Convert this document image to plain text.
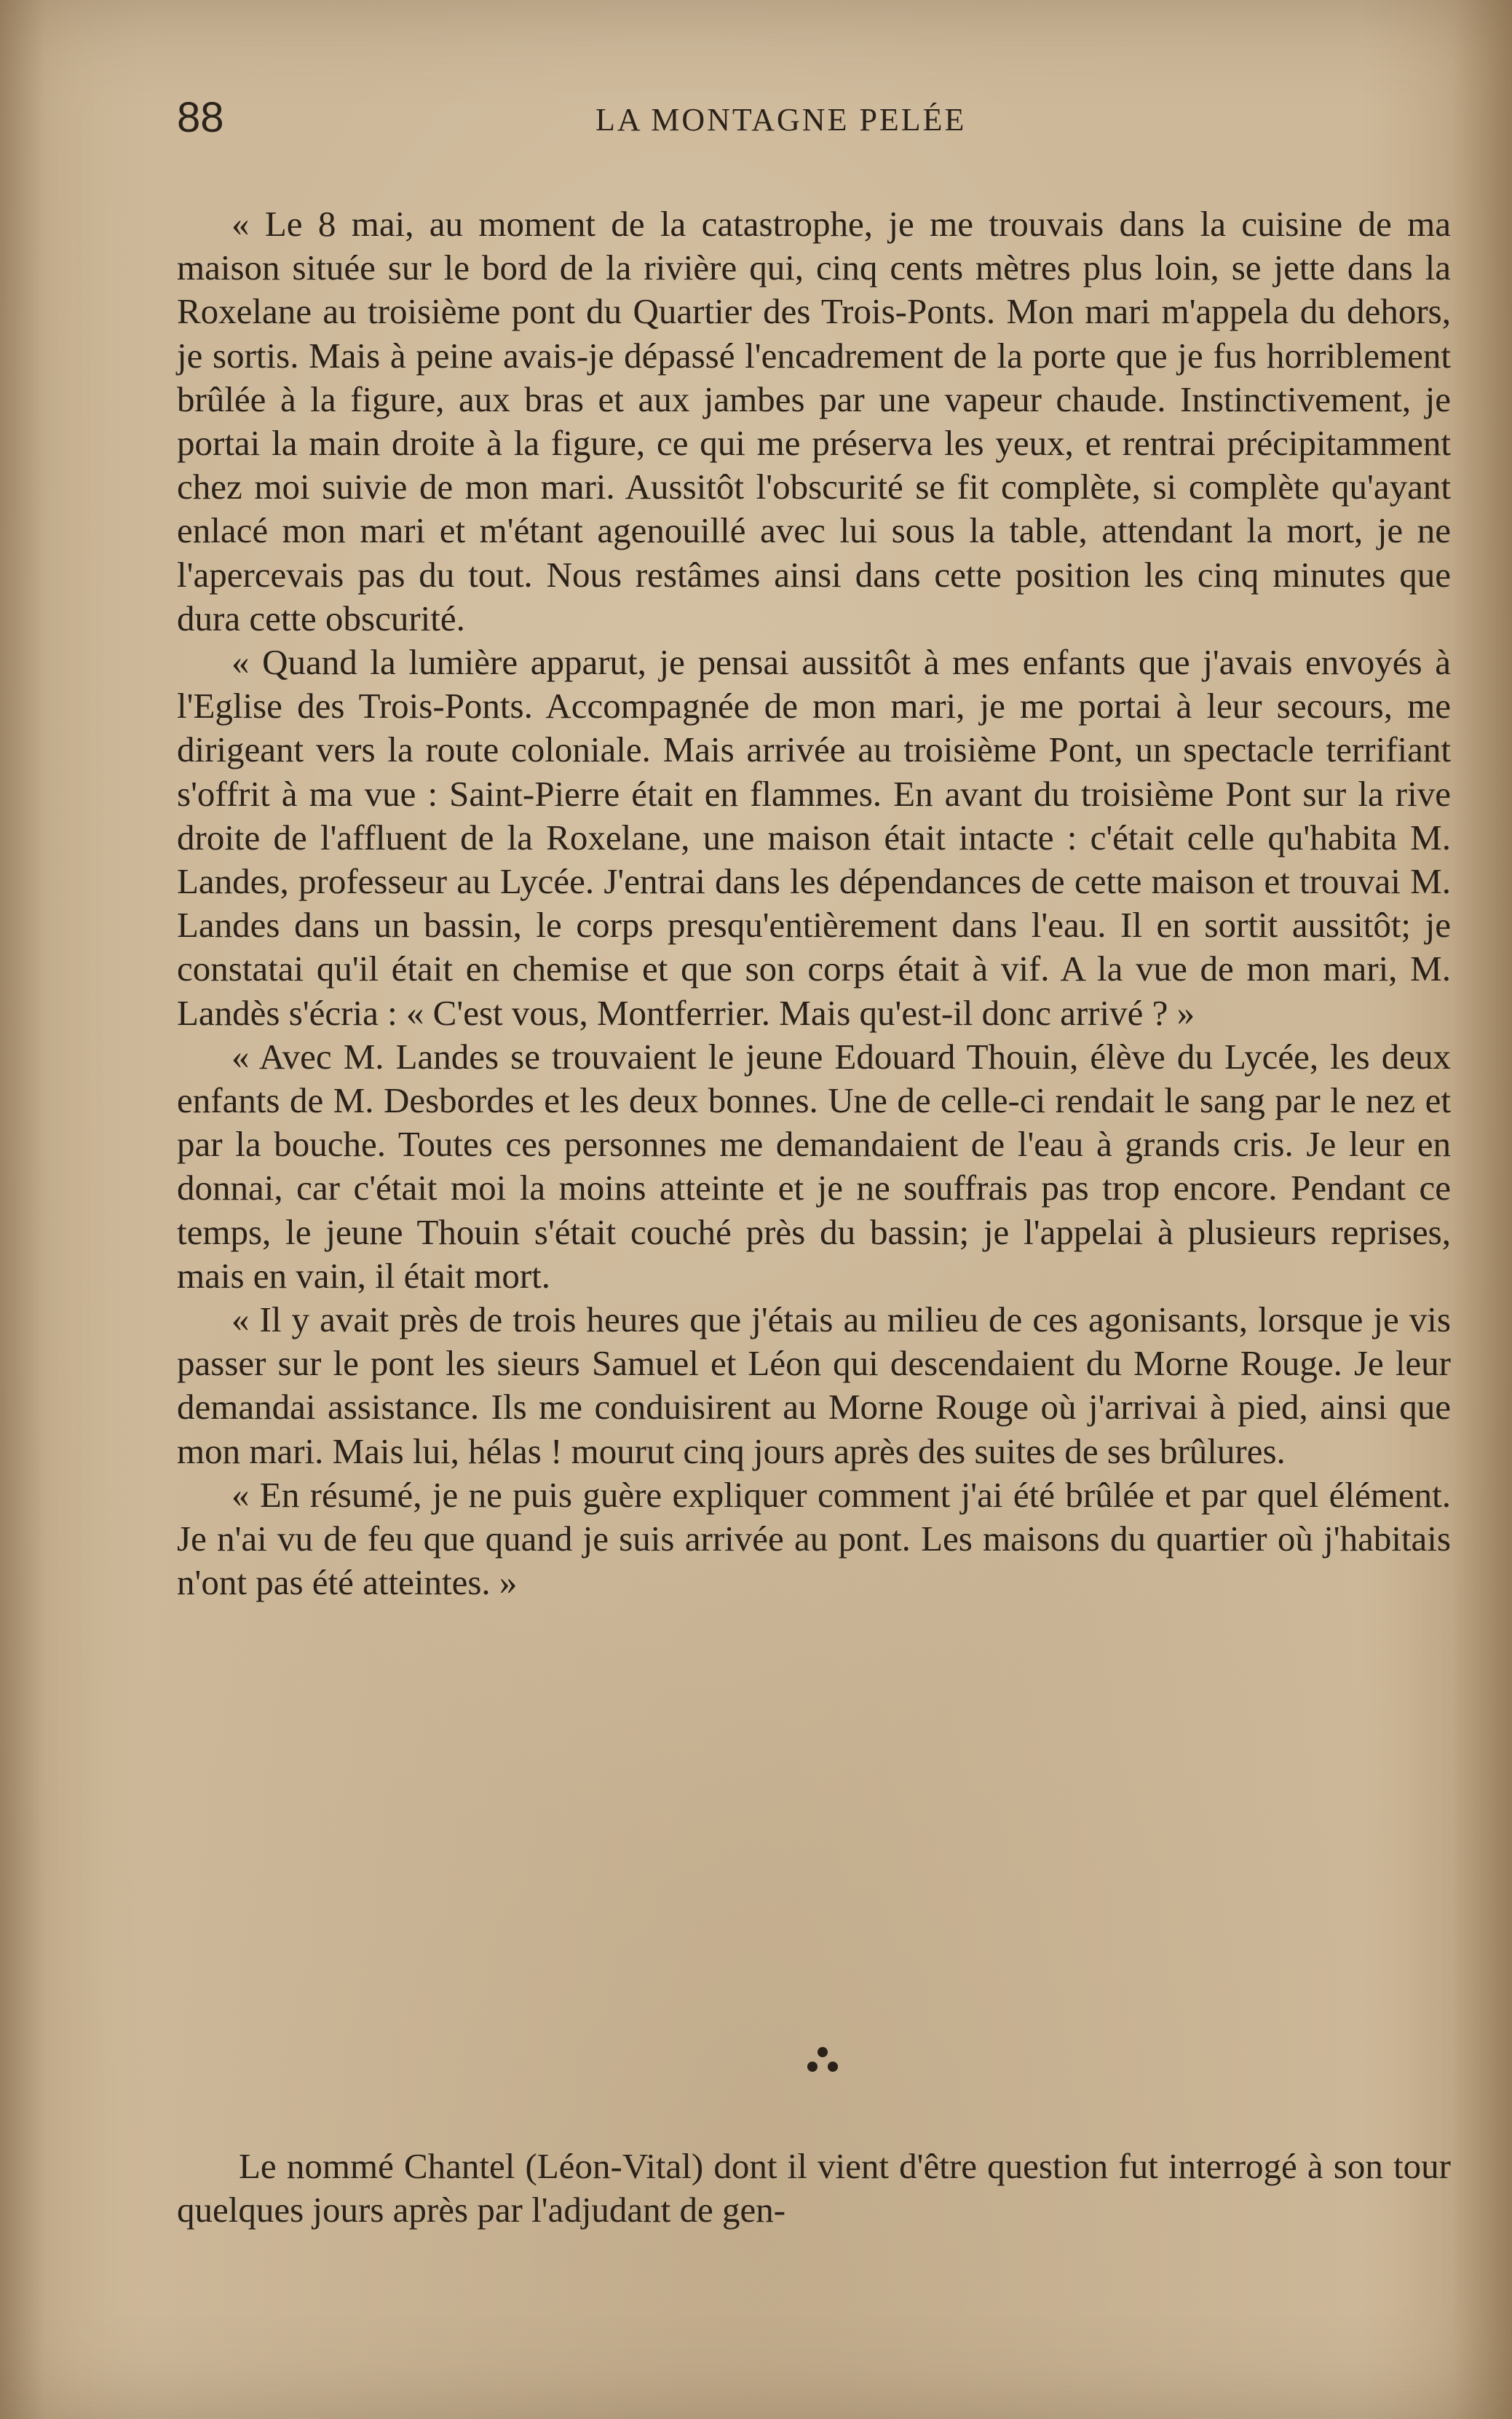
88	LA MONTAGNE PELÉE

« Le 8 mai, au moment de la catastrophe, je me trouvais dans la cuisine de ma maison située sur le bord de la rivière qui, cinq cents mètres plus loin, se jette dans la Roxelane au troisième pont du Quartier des Trois-Ponts. Mon mari m'appela du dehors, je sortis. Mais à peine avais-je dépassé l'encadrement de la porte que je fus horriblement brûlée à la figure, aux bras et aux jambes par une vapeur chaude. Instinctivement, je portai la main droite à la figure, ce qui me préserva les yeux, et rentrai précipitamment chez moi suivie de mon mari. Aussitôt l'obscurité se fit complète, si complète qu'ayant enlacé mon mari et m'étant agenouillé avec lui sous la table, attendant la mort, je ne l'apercevais pas du tout. Nous restâmes ainsi dans cette position les cinq minutes que dura cette obscurité.

« Quand la lumière apparut, je pensai aussitôt à mes enfants que j'avais envoyés à l'Eglise des Trois-Ponts. Accompagnée de mon mari, je me portai à leur secours, me dirigeant vers la route coloniale. Mais arrivée au troisième Pont, un spectacle terrifiant s'offrit à ma vue : Saint-Pierre était en flammes. En avant du troisième Pont sur la rive droite de l'affluent de la Roxelane, une maison était intacte : c'était celle qu'habita M. Landes, professeur au Lycée. J'entrai dans les dépendances de cette maison et trouvai M. Landes dans un bassin, le corps presqu'entièrement dans l'eau. Il en sortit aussitôt; je constatai qu'il était en chemise et que son corps était à vif. A la vue de mon mari, M. Landès s'écria : « C'est vous, Montferrier. Mais qu'est-il donc arrivé ? »

« Avec M. Landes se trouvaient le jeune Edouard Thouin, élève du Lycée, les deux enfants de M. Desbordes et les deux bonnes. Une de celle-ci rendait le sang par le nez et par la bouche. Toutes ces personnes me demandaient de l'eau à grands cris. Je leur en donnai, car c'était moi la moins atteinte et je ne souffrais pas trop encore. Pendant ce temps, le jeune Thouin s'était couché près du bassin; je l'appelai à plusieurs reprises, mais en vain, il était mort.

« Il y avait près de trois heures que j'étais au milieu de ces agonisants, lorsque je vis passer sur le pont les sieurs Samuel et Léon qui descendaient du Morne Rouge. Je leur demandai assistance. Ils me conduisirent au Morne Rouge où j'arrivai à pied, ainsi que mon mari. Mais lui, hélas ! mourut cinq jours après des suites de ses brûlures.

« En résumé, je ne puis guère expliquer comment j'ai été brûlée et par quel élément. Je n'ai vu de feu que quand je suis arrivée au pont. Les maisons du quartier où j'habitais n'ont pas été atteintes. »

Le nommé Chantel (Léon-Vital) dont il vient d'être question fut interrogé à son tour quelques jours après par l'adjudant de gen-
